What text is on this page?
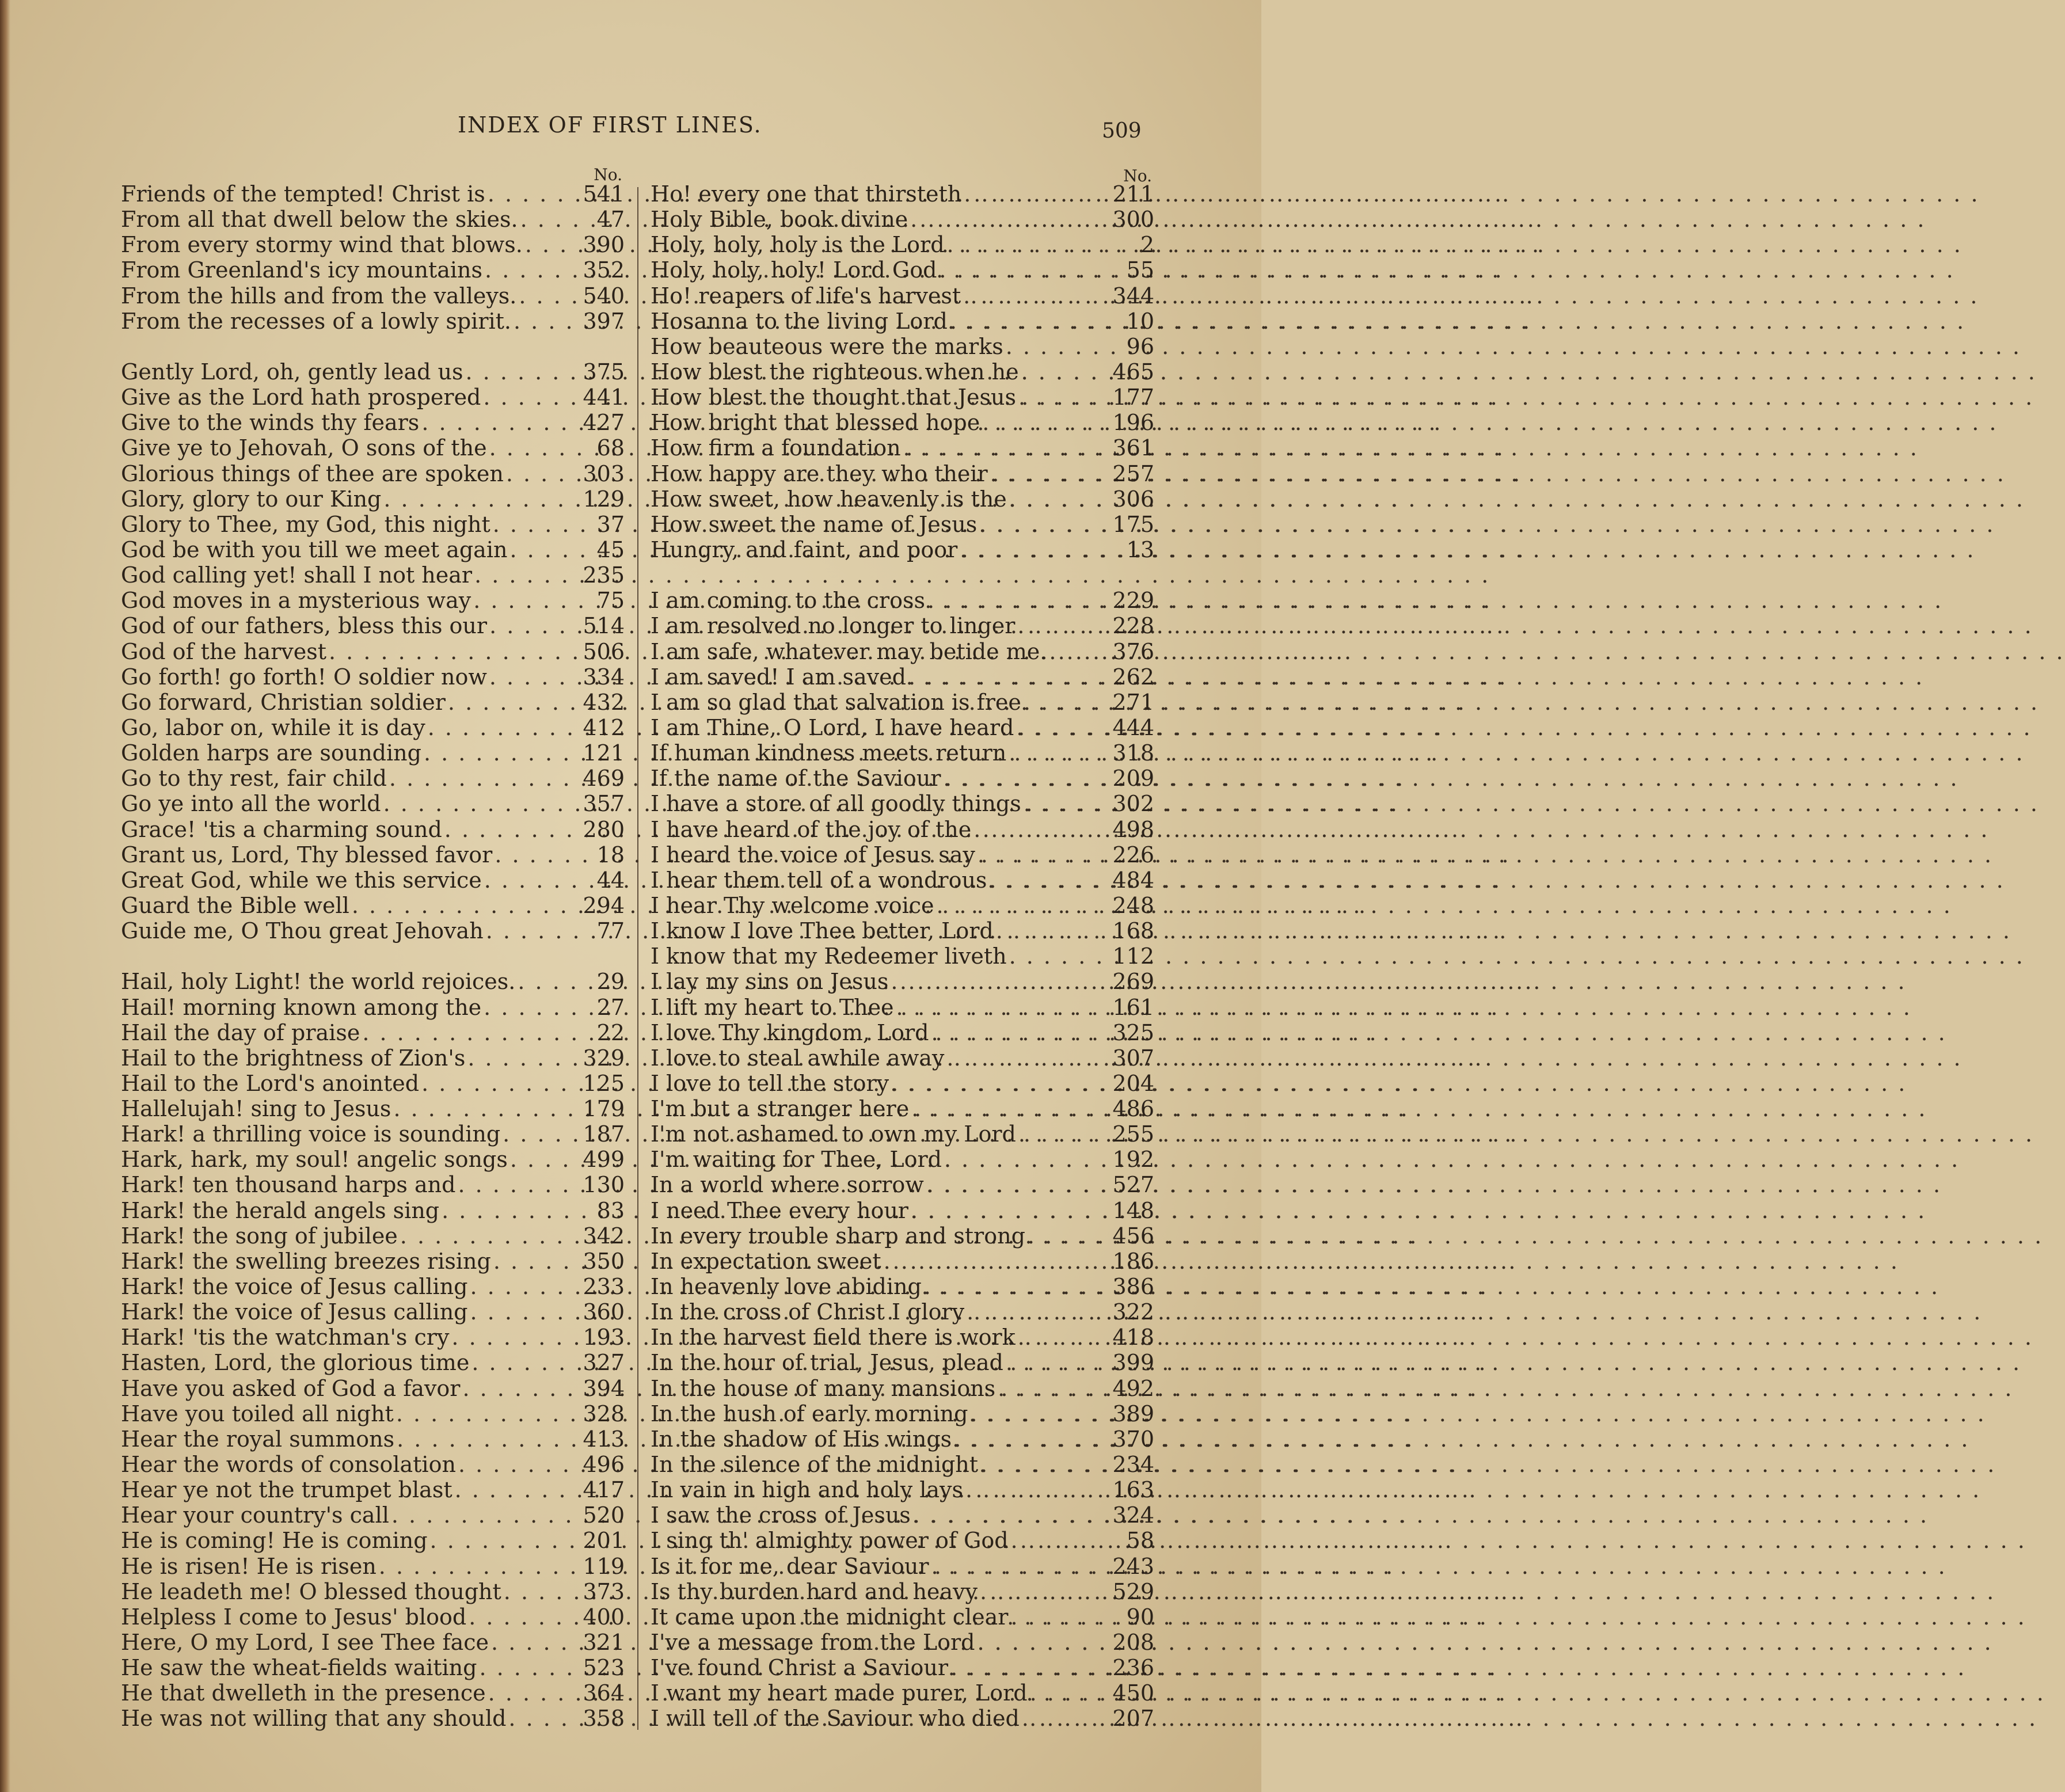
INDEX OF FIRST LINES.	509
No.
Friends of the tempted! Christ is . . .	541
From all that dwell below the skies. . . .	47
From every stormy wind that blows. . . .	390
From Greenland's icy mountains . . .	352
From the hills and from the valleys. . . .	540
From the recesses of a lowly spirit. . . .	397
Gently Lord, oh, gently lead us . . .	375
Give as the Lord hath prospered . . .	441
Give to the winds thy fears . . .	427
Give ye to Jehovah, O sons of the . . .	68
Glorious things of thee are spoken . . .	303
Glory, glory to our King . . .	129
Glory to Thee, my God, this night . . .	37
God be with you till we meet again . . .	45
God calling yet! shall I not hear . . .	235
God moves in a mysterious way . . .	75
God of our fathers, bless this our . . .	514
God of the harvest . . .	506
Go forth! go forth! O soldier now . . .	334
Go forward, Christian soldier . . .	432
Go, labor on, while it is day . . .	412
Golden harps are sounding . . .	121
Go to thy rest, fair child . . .	469
Go ye into all the world . . .	357
Grace! 'tis a charming sound . . .	280
Grant us, Lord, Thy blessed favor . . .	18
Great God, while we this service . . .	44
Guard the Bible well . . .	294
Guide me, O Thou great Jehovah . . .	77
Hail, holy Light! the world rejoices. . . .	29
Hail! morning known among the . . .	27
Hail the day of praise . . .	22
Hail to the brightness of Zion's . . .	329
Hail to the Lord's anointed . . .	125
Hallelujah! sing to Jesus . . .	179
Hark! a thrilling voice is sounding . . .	187
Hark, hark, my soul! angelic songs . . .	499
Hark! ten thousand harps and . . .	130
Hark! the herald angels sing . . .	83
Hark! the song of jubilee . . .	342
Hark! the swelling breezes rising . . .	350
Hark! the voice of Jesus calling . . .	233
Hark! the voice of Jesus calling . . .	360
Hark! 'tis the watchman's cry . . .	193
Hasten, Lord, the glorious time . . .	327
Have you asked of God a favor . . .	394
Have you toiled all night . . .	328
Hear the royal summons . . .	413
Hear the words of consolation . . .	496
Hear ye not the trumpet blast . . .	417
Hear your country's call . . .	520
He is coming! He is coming . . .	201
He is risen! He is risen . . .	119
He leadeth me! O blessed thought . . .	373
Helpless I come to Jesus' blood . . .	400
Here, O my Lord, I see Thee face . . .	321
He saw the wheat-fields waiting . . .	523
He that dwelleth in the presence . . .	364
He was not willing that any should . . .	358
No.
Ho! every one that thirsteth . . .	211
Holy Bible, book divine . . .	300
Holy, holy, holy is the Lord . . .	2
Holy, holy, holy! Lord God . . .	55
Ho! reapers of life's harvest . . .	344
Hosanna to the living Lord . . .	10
How beauteous were the marks . . .	96
How blest the righteous when he . . .	465
How blest the thought that Jesus . . .	177
How bright that blessed hope . . .	196
How firm a foundation . . .	361
How happy are they who their . . .	257
How sweet, how heavenly is the . . .	306
How sweet the name of Jesus . . .	175
Hungry, and faint, and poor . . .	13
I am coming to the cross . . .	229
I am resolved no longer to linger . . .	228
I am safe, whatever may betide me. . . .	376
I am saved! I am saved . . .	262
I am so glad that salvation is free . . .	271
I am Thine, O Lord, I have heard . . .	444
If human kindness meets return . . .	318
If the name of the Saviour . . .	209
I have a store of all goodly things . . .	302
I have heard of the joy of the . . .	498
I heard the voice of Jesus say . . .	226
I hear them tell of a wondrous . . .	484
I hear Thy welcome voice . . .	248
I know I love Thee better, Lord . . .	168
I know that my Redeemer liveth . . .	112
I lay my sins on Jesus . . .	269
I lift my heart to Thee . . .	161
I love Thy kingdom, Lord . . .	325
I love to steal awhile away . . .	307
I love to tell the story . . .	204
I'm but a stranger here . . .	486
I'm not ashamed to own my Lord . . .	255
I'm waiting for Thee, Lord . . .	192
In a world where sorrow . . .	527
I need Thee every hour . . .	148
In every trouble sharp and strong . . .	456
In expectation sweet . . .	186
In heavenly love abiding . . .	386
In the cross of Christ I glory . . .	322
In the harvest field there is work . . .	418
In the hour of trial, Jesus, plead . . .	399
In the house of many mansions . . .	492
In the hush of early morning . . .	389
In the shadow of His wings . . .	370
In the silence of the midnight . . .	234
In vain in high and holy lays . . .	163
I saw the cross of Jesus . . .	324
I sing th' almighty power of God . . .	58
Is it for me, dear Saviour . . .	243
Is thy burden hard and heavy . . .	529
It came upon the midnight clear . . .	90
I've a message from the Lord . . .	208
I've found Christ a Saviour . . .	236
I want my heart made purer, Lord . . .	450
I will tell of the Saviour who died . . .	207
